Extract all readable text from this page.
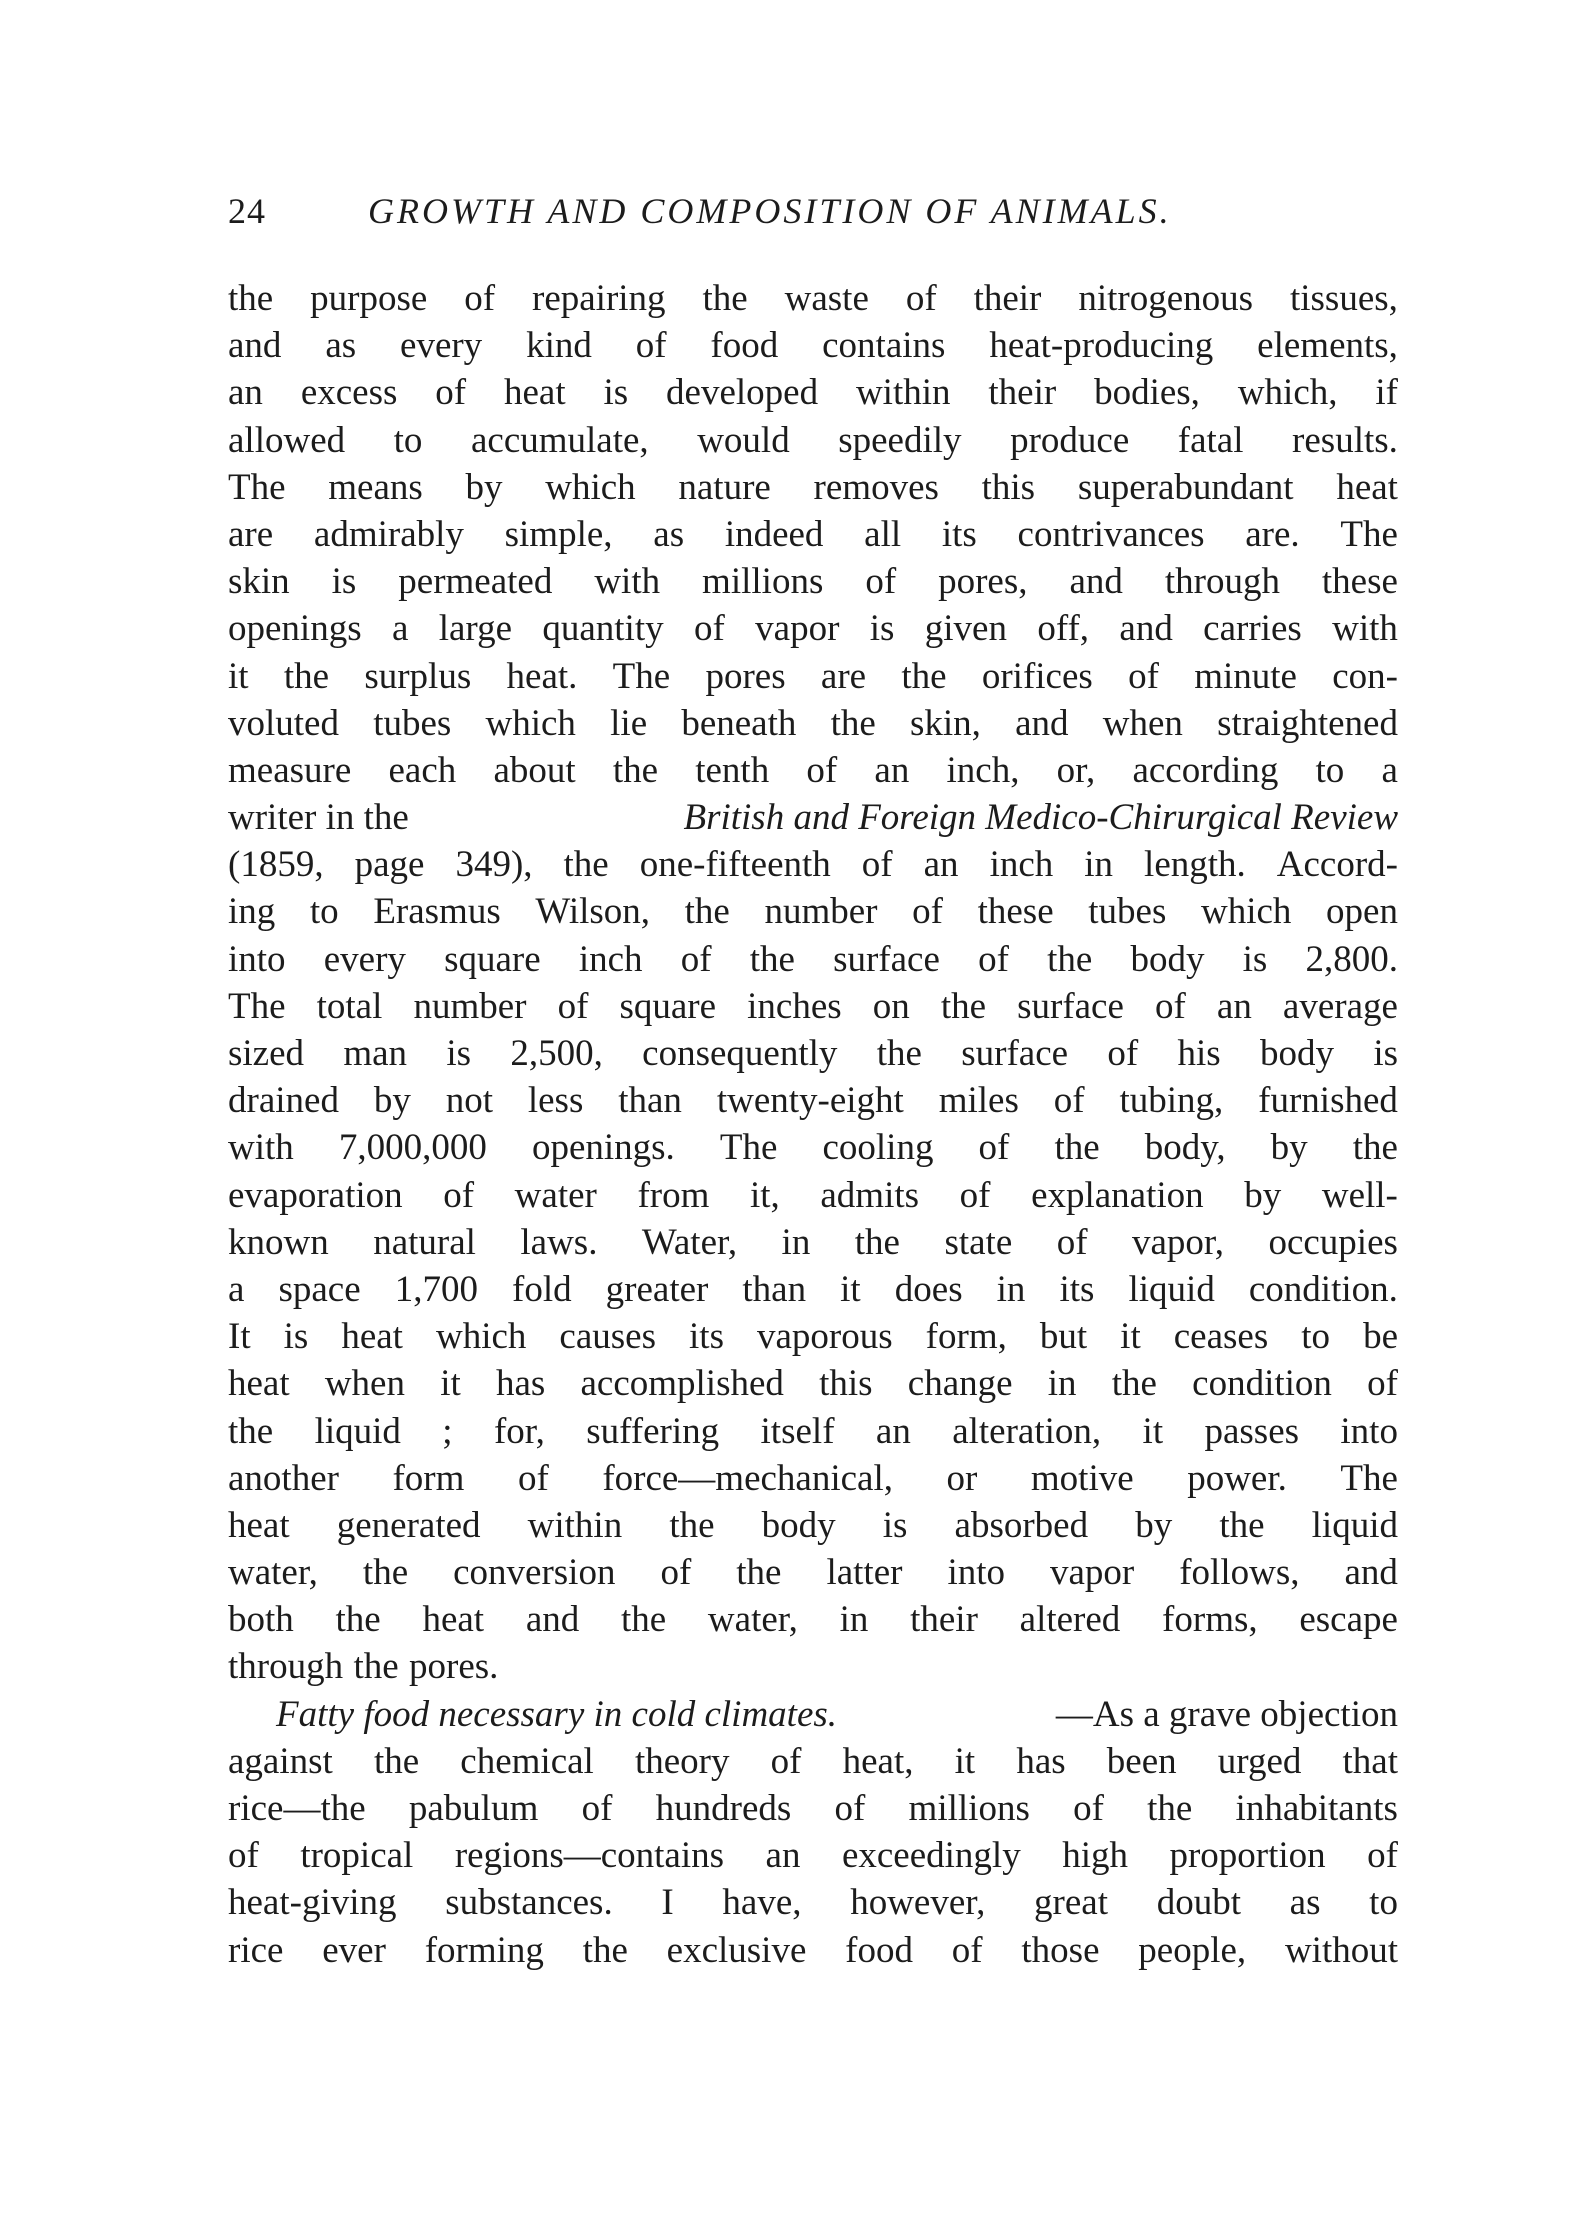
24	GROWTH AND COMPOSITION OF ANIMALS.
the purpose of repairing the waste of their nitrogenous tissues,
and as every kind of food contains heat-producing elements,
an excess of heat is developed within their bodies, which, if
allowed to accumulate, would speedily produce fatal results.
The means by which nature removes this superabundant heat
are admirably simple, as indeed all its contrivances are. The
skin is permeated with millions of pores, and through these
openings a large quantity of vapor is given off, and carries with
it the surplus heat. The pores are the orifices of minute con-
voluted tubes which lie beneath the skin, and when straightened
measure each about the tenth of an inch, or, according to a
writer in the	British and Foreign Medico-Chirurgical Review
(1859, page 349), the one-fifteenth of an inch in length. Accord-
ing to Erasmus Wilson, the number of these tubes which open
into every square inch of the surface of the body is 2,800.
The total number of square inches on the surface of an average
sized man is 2,500, consequently the surface of his body is
drained by not less than twenty-eight miles of tubing, furnished
with 7,000,000 openings. The cooling of the body, by the
evaporation of water from it, admits of explanation by well-
known natural laws. Water, in the state of vapor, occupies
a space 1,700 fold greater than it does in its liquid condition.
It is heat which causes its vaporous form, but it ceases to be
heat when it has accomplished this change in the condition of
the liquid ; for, suffering itself an alteration, it passes into
another form of force—mechanical, or motive power. The
heat generated within the body is absorbed by the liquid
water, the conversion of the latter into vapor follows, and
both the heat and the water, in their altered forms, escape
through the pores.
Fatty food necessary in cold climates.	—As a grave objection
against the chemical theory of heat, it has been urged that
rice—the pabulum of hundreds of millions of the inhabitants
of tropical regions—contains an exceedingly high proportion of
heat-giving substances. I have, however, great doubt as to
rice ever forming the exclusive food of those people, without
